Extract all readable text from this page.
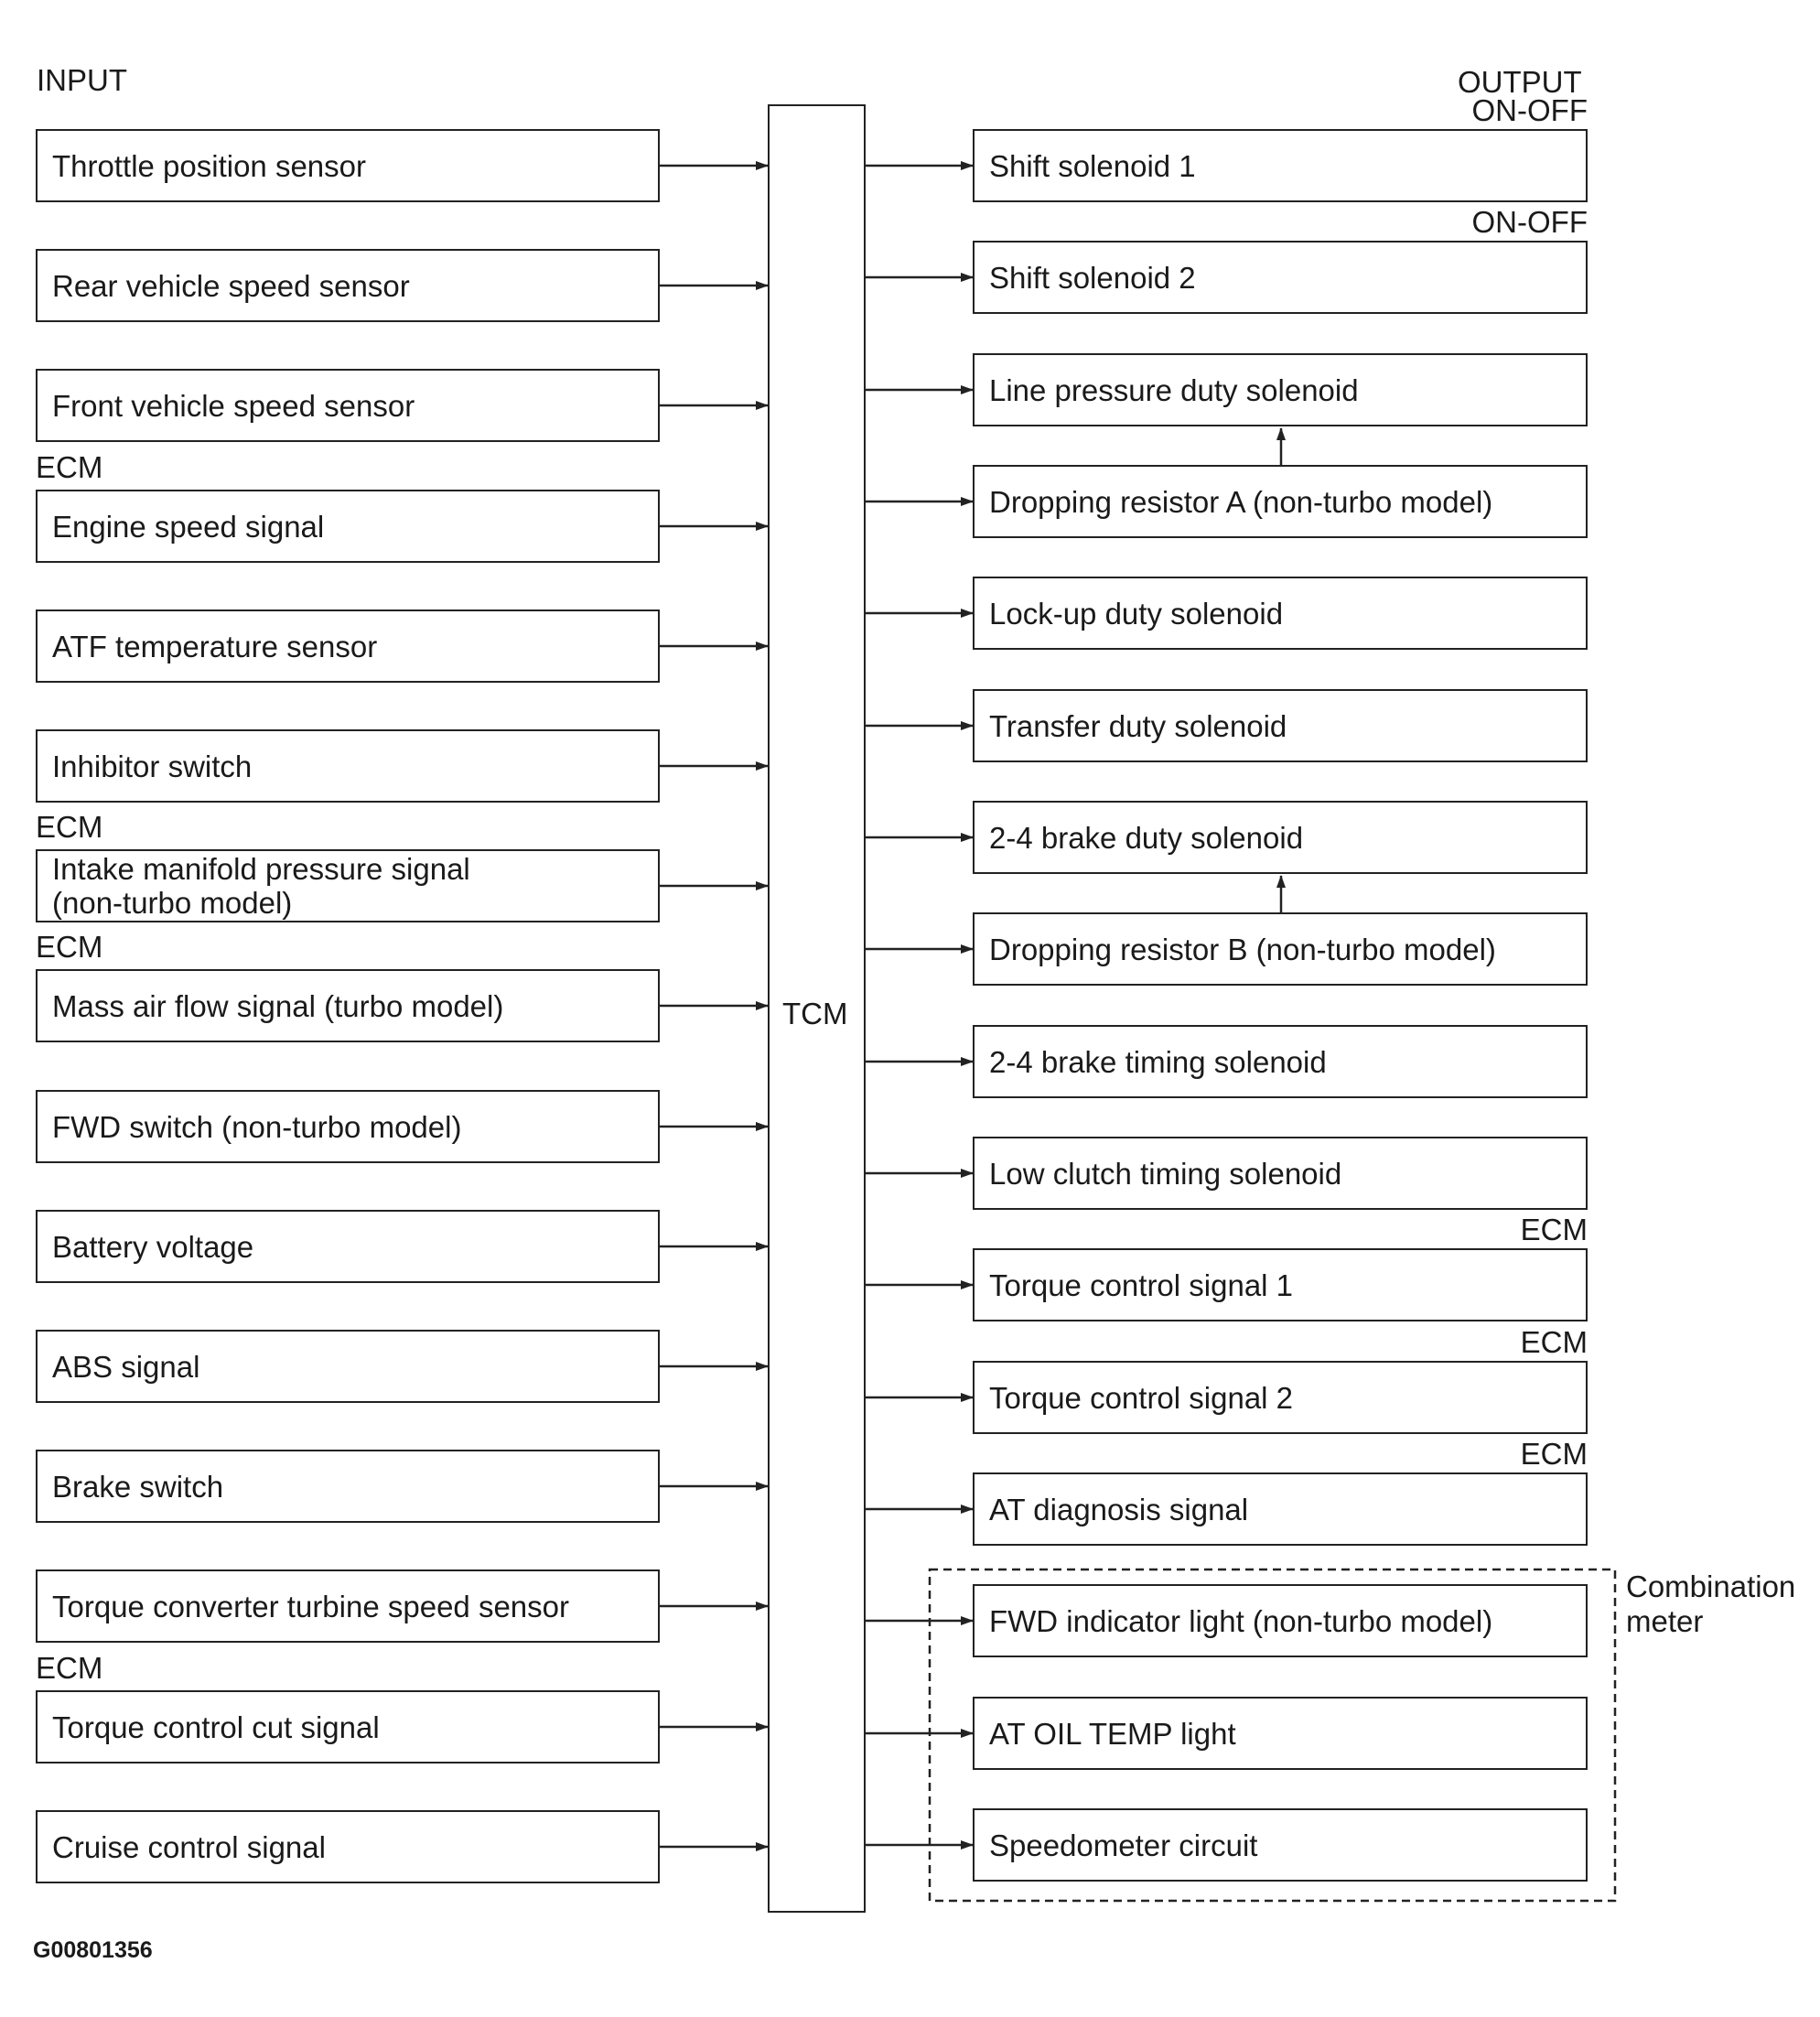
INPUT	OUTPUT
TCM
Throttle position sensor
Rear vehicle speed sensor
Front vehicle speed sensor
Engine speed signal
ECM
ATF temperature sensor
Inhibitor switch
Intake manifold pressure signal
(non-turbo model)
ECM
Mass air flow signal (turbo model)
ECM
FWD switch (non-turbo model)
Battery voltage
ABS signal
Brake switch
Torque converter turbine speed sensor
Torque control cut signal
ECM
Cruise control signal
Shift solenoid 1
ON-OFF
Shift solenoid 2
ON-OFF
Line pressure duty solenoid
Dropping resistor A (non-turbo model)
Lock-up duty solenoid
Transfer duty solenoid
2-4 brake duty solenoid
Dropping resistor B (non-turbo model)
2-4 brake timing solenoid
Low clutch timing solenoid
Torque control signal 1
ECM
Torque control signal 2
ECM
AT diagnosis signal
ECM
FWD indicator light (non-turbo model)
AT OIL TEMP light
Speedometer circuit
Combination
meter
G00801356
